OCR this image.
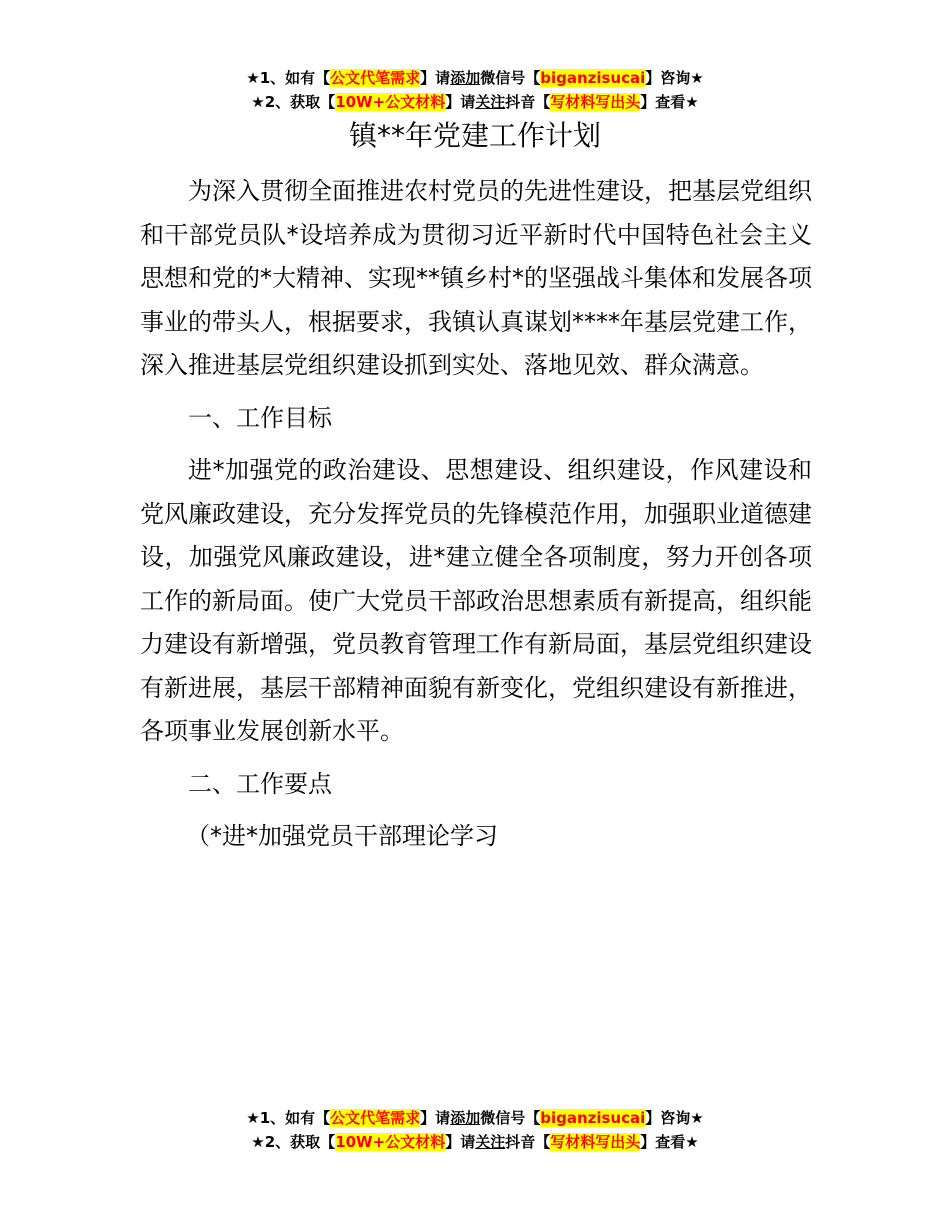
★1、如有【公文代笔需求】请添加微信号【biganzisucai】咨询★
★2、获取【10W+公文材料】请关注抖音【写材料写出头】查看★
镇**年党建工作计划

为深入贯彻全面推进农村党员的先进性建设，把基层党组织和干部党员队*设培养成为贯彻习近平新时代中国特色社会主义思想和党的*大精神、实现**镇乡村*的坚强战斗集体和发展各项事业的带头人，根据要求，我镇认真谋划****年基层党建工作，深入推进基层党组织建设抓到实处、落地见效、群众满意。

一、工作目标

进*加强党的政治建设、思想建设、组织建设，作风建设和党风廉政建设，充分发挥党员的先锋模范作用，加强职业道德建设，加强党风廉政建设，进*建立健全各项制度，努力开创各项工作的新局面。使广大党员干部政治思想素质有新提高，组织能力建设有新增强，党员教育管理工作有新局面，基层党组织建设有新进展，基层干部精神面貌有新变化，党组织建设有新推进，各项事业发展创新水平。

二、工作要点

（*进*加强党员干部理论学习

★1、如有【公文代笔需求】请添加微信号【biganzisucai】咨询★
★2、获取【10W+公文材料】请关注抖音【写材料写出头】查看★
